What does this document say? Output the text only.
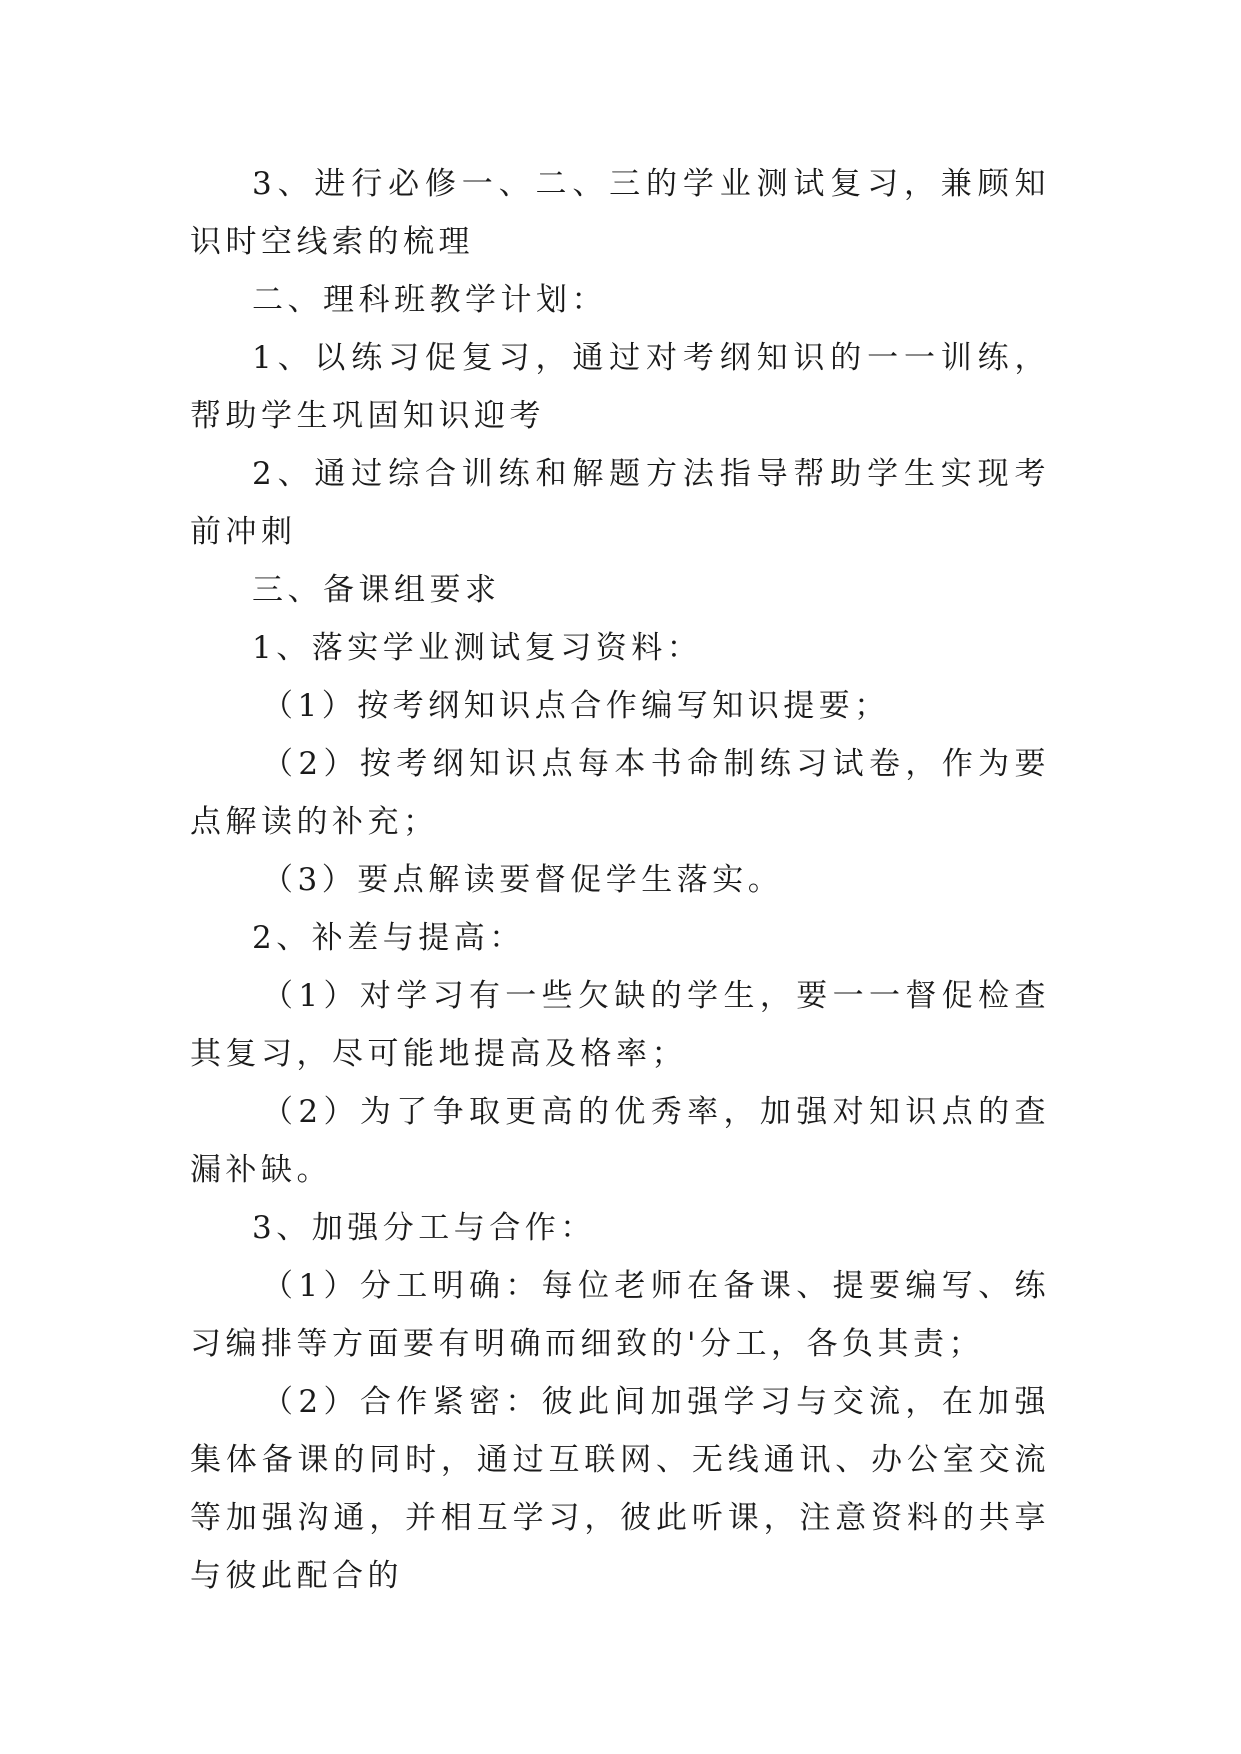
3、进行必修一、二、三的学业测试复习，兼顾知识时空线索的梳理

二、理科班教学计划：

1、以练习促复习，通过对考纲知识的一一训练，帮助学生巩固知识迎考

2、通过综合训练和解题方法指导帮助学生实现考前冲刺

三、备课组要求

1、落实学业测试复习资料：

（1）按考纲知识点合作编写知识提要；

（2）按考纲知识点每本书命制练习试卷，作为要点解读的补充；

（3）要点解读要督促学生落实。

2、补差与提高：

（1）对学习有一些欠缺的学生，要一一督促检查其复习，尽可能地提高及格率；

（2）为了争取更高的优秀率，加强对知识点的查漏补缺。

3、加强分工与合作：

（1）分工明确：每位老师在备课、提要编写、练习编排等方面要有明确而细致的'分工，各负其责；

（2）合作紧密：彼此间加强学习与交流，在加强集体备课的同时，通过互联网、无线通讯、办公室交流等加强沟通，并相互学习，彼此听课，注意资料的共享与彼此配合的
